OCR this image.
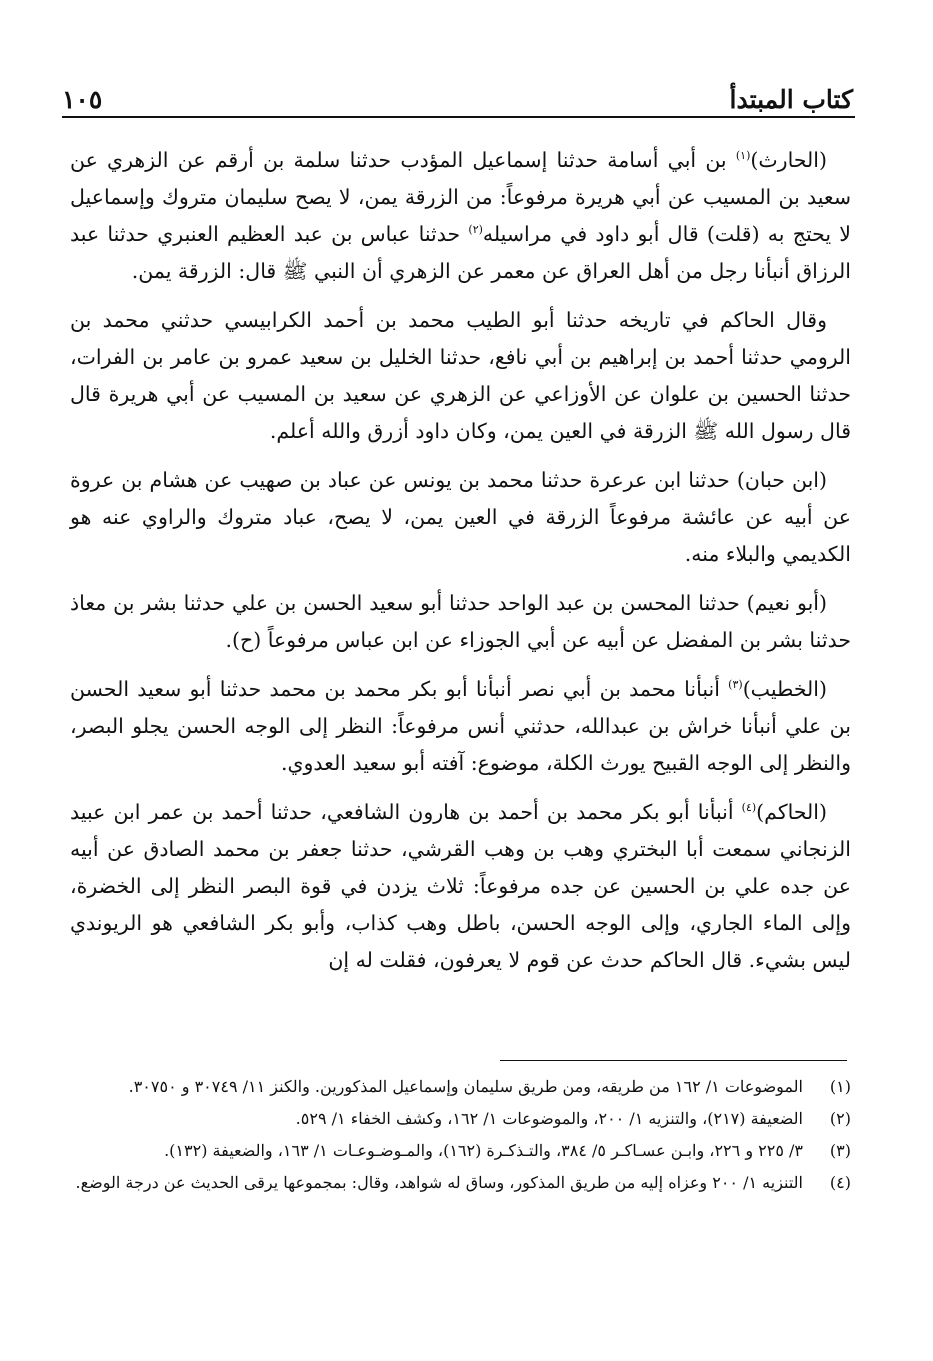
كتاب المبتدأ
١٠٥

(الحارث)$^{(١)}$ بن أبي أسامة حدثنا إسماعيل المؤدب حدثنا سلمة بن أرقم عن الزهري عن سعيد بن المسيب عن أبي هريرة مرفوعاً: من الزرقة يمن، لا يصح سليمان متروك وإسماعيل لا يحتج به (قلت) قال أبو داود في مراسيله$^{(٢)}$ حدثنا عباس بن عبد العظيم العنبري حدثنا عبد الرزاق أنبأنا رجل من أهل العراق عن معمر عن الزهري أن النبي ﷺ قال: الزرقة يمن.

وقال الحاكم في تاريخه حدثنا أبو الطيب محمد بن أحمد الكرابيسي حدثني محمد بن الرومي حدثنا أحمد بن إبراهيم بن أبي نافع، حدثنا الخليل بن سعيد عمرو بن عامر بن الفرات، حدثنا الحسين بن علوان عن الأوزاعي عن الزهري عن سعيد بن المسيب عن أبي هريرة قال قال رسول الله ﷺ الزرقة في العين يمن، وكان داود أزرق والله أعلم.

(ابن حبان) حدثنا ابن عرعرة حدثنا محمد بن يونس عن عباد بن صهيب عن هشام بن عروة عن أبيه عن عائشة مرفوعاً الزرقة في العين يمن، لا يصح، عباد متروك والراوي عنه هو الكديمي والبلاء منه.

(أبو نعيم) حدثنا المحسن بن عبد الواحد حدثنا أبو سعيد الحسن بن علي حدثنا بشر بن معاذ حدثنا بشر بن المفضل عن أبيه عن أبي الجوزاء عن ابن عباس مرفوعاً (ح).

(الخطيب)$^{(٣)}$ أنبأنا محمد بن أبي نصر أنبأنا أبو بكر محمد بن محمد حدثنا أبو سعيد الحسن بن علي أنبأنا خراش بن عبدالله، حدثني أنس مرفوعاً: النظر إلى الوجه الحسن يجلو البصر، والنظر إلى الوجه القبيح يورث الكلة، موضوع: آفته أبو سعيد العدوي.

(الحاكم)$^{(٤)}$ أنبأنا أبو بكر محمد بن أحمد بن هارون الشافعي، حدثنا أحمد بن عمر ابن عبيد الزنجاني سمعت أبا البختري وهب بن وهب القرشي، حدثنا جعفر بن محمد الصادق عن أبيه عن جده علي بن الحسين عن جده مرفوعاً: ثلاث يزدن في قوة البصر النظر إلى الخضرة، وإلى الماء الجاري، وإلى الوجه الحسن، باطل وهب كذاب، وأبو بكر الشافعي هو الريوندي ليس بشيء. قال الحاكم حدث عن قوم لا يعرفون، فقلت له إن

(١)
الموضوعات ١/ ١٦٢ من طريقه، ومن طريق سليمان وإسماعيل المذكورين. والكنز ١١/ ٣٠٧٤٩ و ٣٠٧٥٠.
(٢)
الضعيفة (٢١٧)، والتنزيه ١/ ٢٠٠، والموضوعات ١/ ١٦٢، وكشف الخفاء ١/ ٥٢٩.
(٣)
٣/ ٢٢٥ و ٢٢٦، وابـن عسـاكـر ٥/ ٣٨٤، والتـذكـرة (١٦٢)، والمـوضـوعـات ١/ ١٦٣، والضعيفة (١٣٢).
(٤)
التنزيه ١/ ٢٠٠ وعزاه إليه من طريق المذكور، وساق له شواهد، وقال: بمجموعها يرقى الحديث عن درجة الوضع.
